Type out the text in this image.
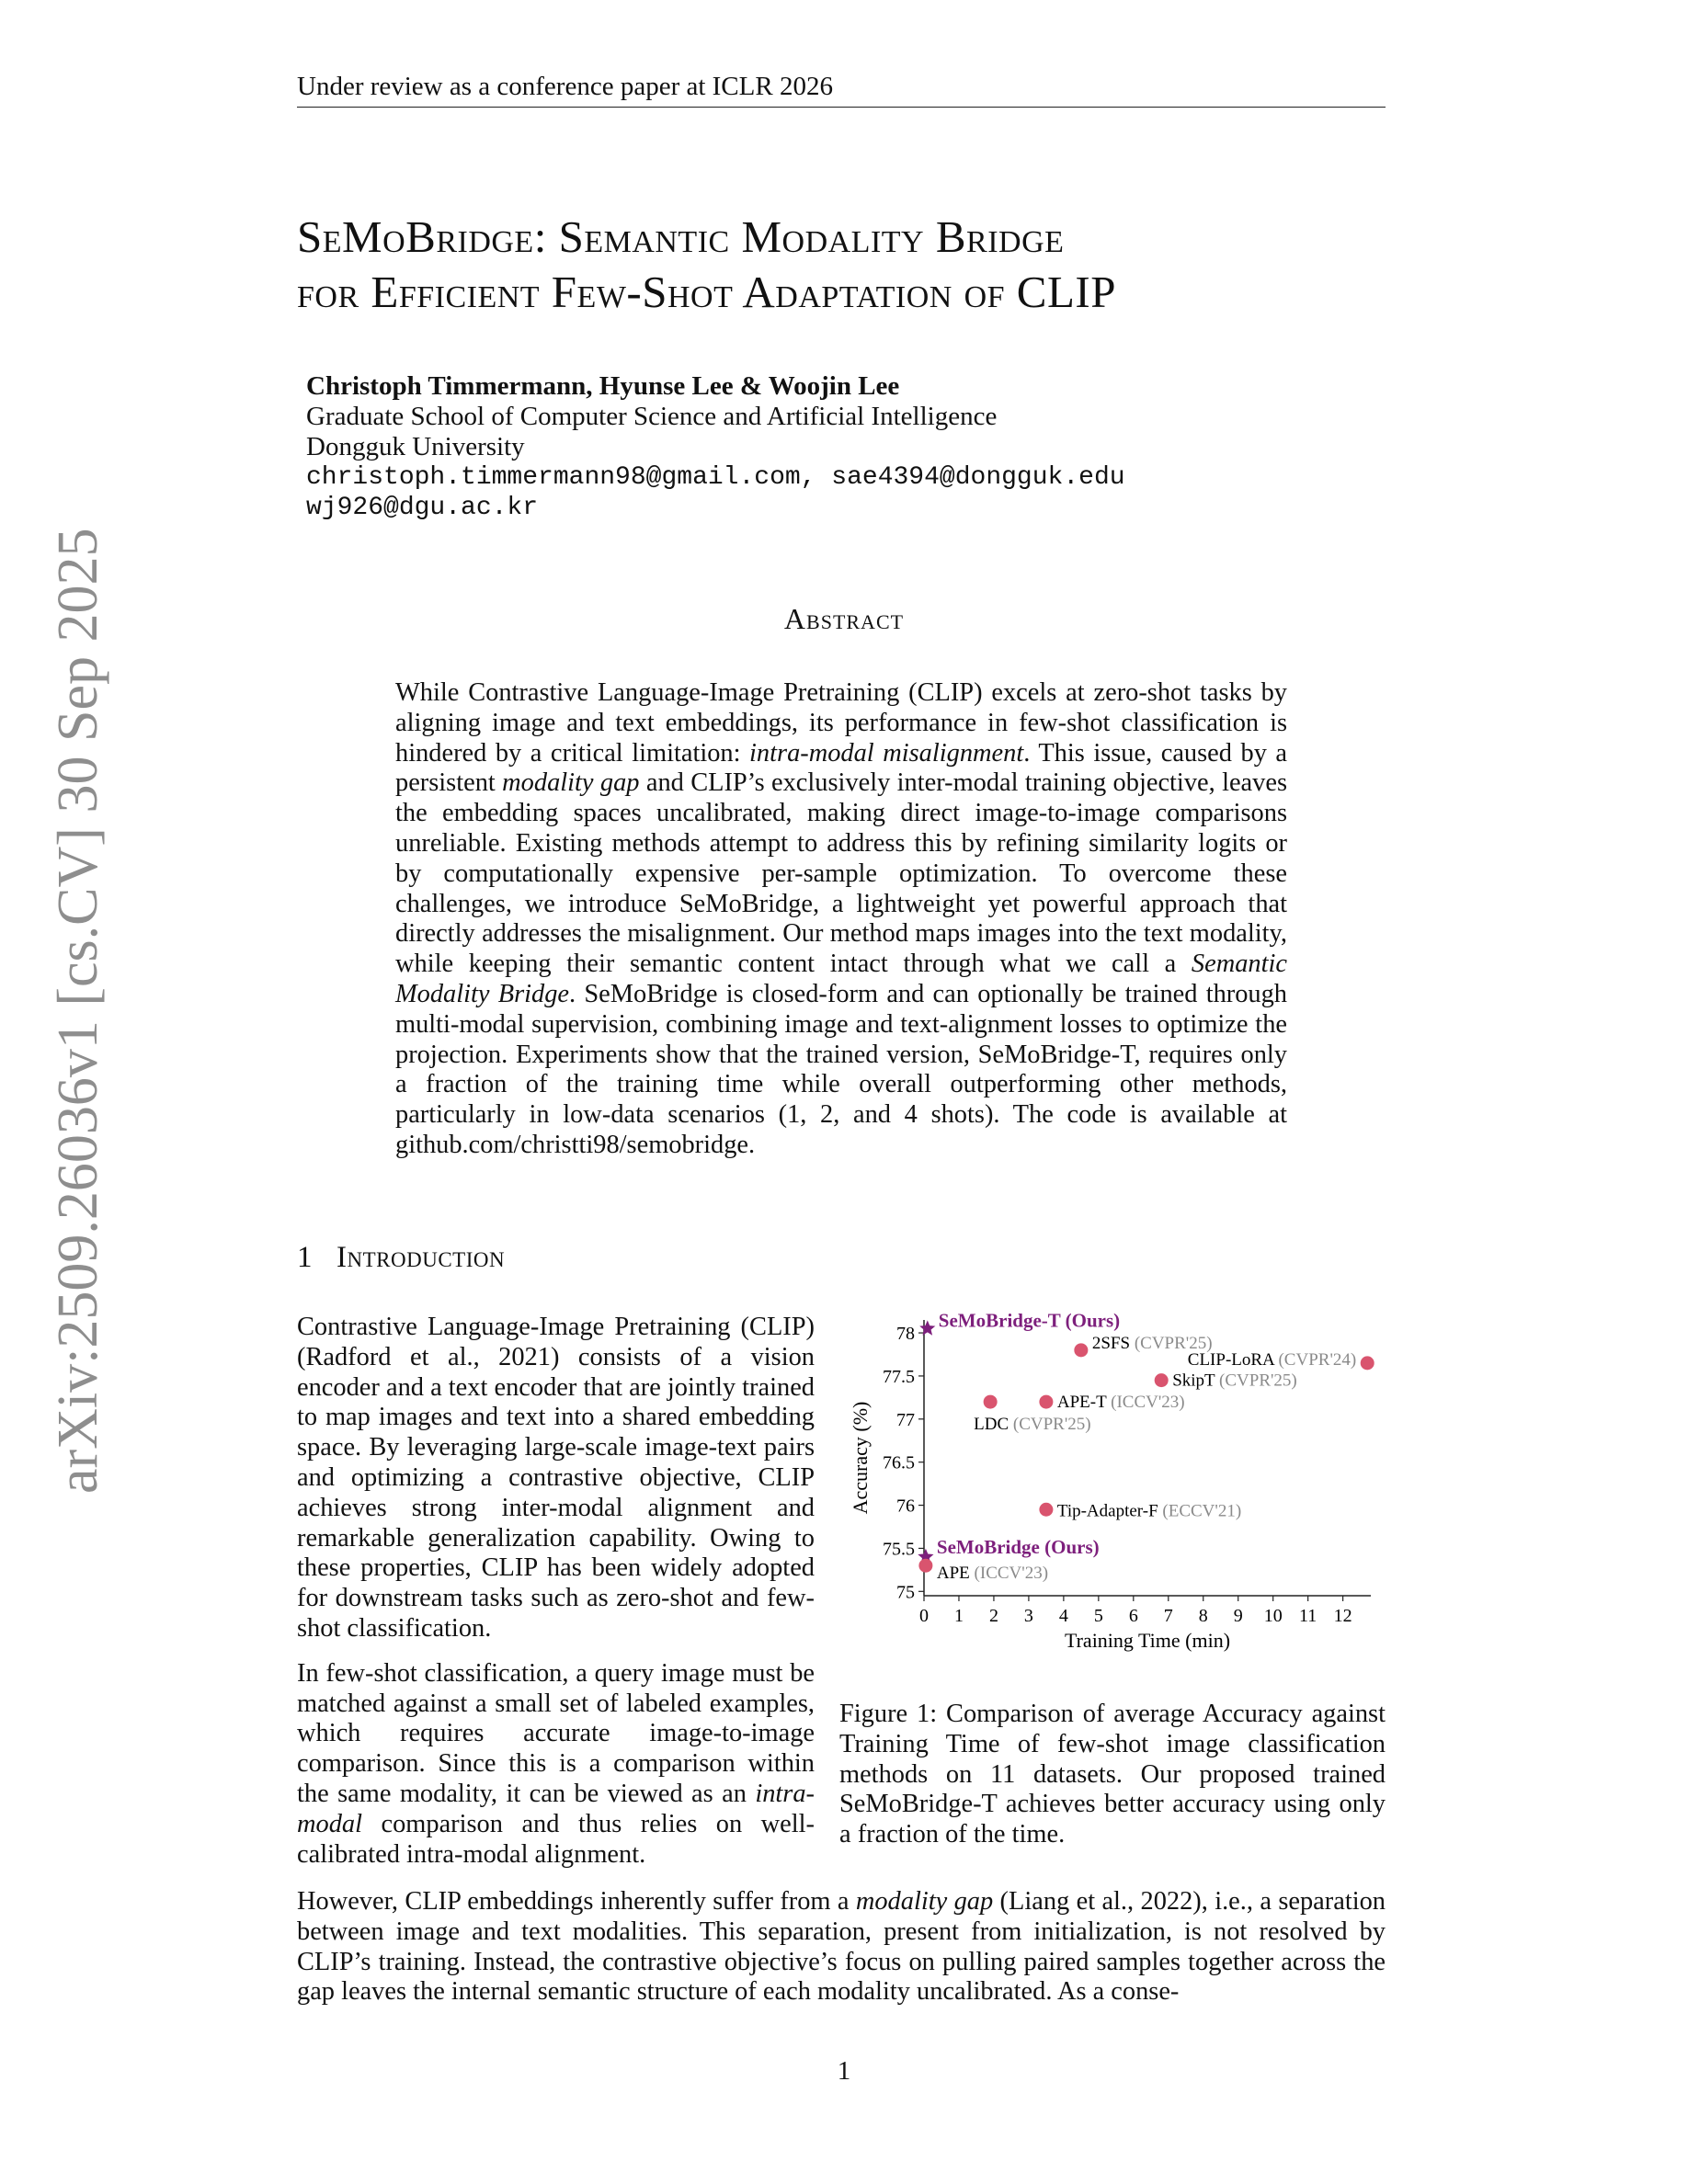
Under review as a conference paper at ICLR 2026
arXiv:2509.26036v1 [cs.CV] 30 Sep 2025
SeMoBridge: Semantic Modality Bridge
for Efficient Few-Shot Adaptation of CLIP
Christoph Timmermann, Hyunse Lee & Woojin Lee
Graduate School of Computer Science and Artificial Intelligence
Dongguk University
christoph.timmermann98@gmail.com, sae4394@dongguk.edu
wj926@dgu.ac.kr
Abstract
While Contrastive Language-Image Pretraining (CLIP) excels at zero-shot tasks by aligning image and text embeddings, its performance in few-shot classification is hindered by a critical limitation: intra-modal misalignment. This issue, caused by a persistent modality gap and CLIP’s exclusively inter-modal training objective, leaves the embedding spaces uncalibrated, making direct image-to-image comparisons unreliable. Existing methods attempt to address this by refining similarity logits or by computationally expensive per-sample optimization. To overcome these challenges, we introduce SeMoBridge, a lightweight yet powerful approach that directly addresses the misalignment. Our method maps images into the text modality, while keeping their semantic content intact through what we call a Semantic Modality Bridge. SeMoBridge is closed-form and can optionally be trained through multi-modal supervision, combining image and text-alignment losses to optimize the projection. Experiments show that the trained version, SeMoBridge-T, requires only a fraction of the training time while overall outperforming other methods, particularly in low-data scenarios (1, 2, and 4 shots). The code is available at github.com/christti98/semobridge.
1 Introduction

Contrastive Language-Image Pretraining (CLIP) (Radford et al., 2021) consists of a vision encoder and a text encoder that are jointly trained to map images and text into a shared embedding space. By leveraging large-scale image-text pairs and optimizing a contrastive objective, CLIP achieves strong inter-modal alignment and remarkable generalization capability. Owing to these properties, CLIP has been widely adopted for downstream tasks such as zero-shot and few-shot classification.

In few-shot classification, a query image must be matched against a small set of labeled examples, which requires accurate image-to-image comparison. Since this is a comparison within the same modality, it can be viewed as an intra-modal comparison and thus relies on well-calibrated intra-modal alignment.

75
75.5
76
76.5
77
77.5
78
0 1 2 3 4 5 6 7 8 9 10 11 12
Training Time (min)
Accuracy (%)
SeMoBridge-T (Ours)
2SFS (CVPR'25)
CLIP-LoRA (CVPR'24)
SkipT (CVPR'25)
APE-T (ICCV'23)
LDC (CVPR'25)
Tip-Adapter-F (ECCV'21)
SeMoBridge (Ours)
APE (ICCV'23)
Figure 1: Comparison of average Accuracy against Training Time of few-shot image classification methods on 11 datasets. Our proposed trained SeMoBridge-T achieves better accuracy using only a fraction of the time.

However, CLIP embeddings inherently suffer from a modality gap (Liang et al., 2022), i.e., a separation between image and text modalities. This separation, present from initialization, is not resolved by CLIP’s training. Instead, the contrastive objective’s focus on pulling paired samples together across the gap leaves the internal semantic structure of each modality uncalibrated. As a conse-

1
